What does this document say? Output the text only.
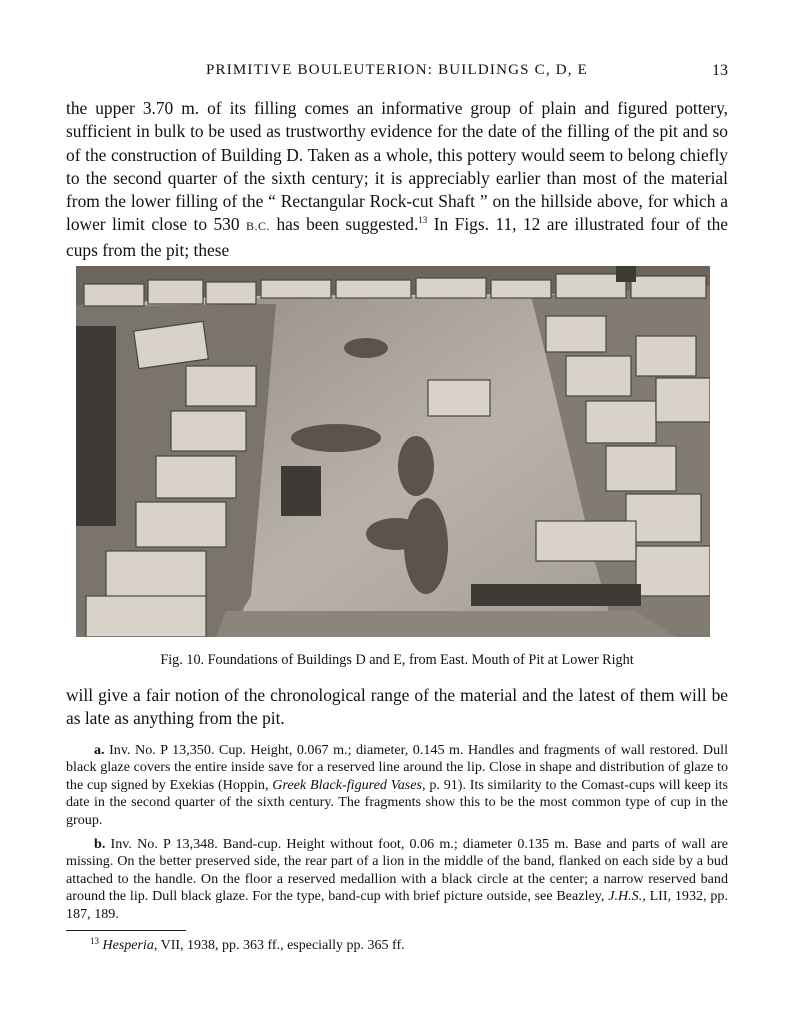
PRIMITIVE BOULEUTERION: BUILDINGS C, D, E	13

the upper 3.70 m. of its filling comes an informative group of plain and figured pottery, sufficient in bulk to be used as trustworthy evidence for the date of the filling of the pit and so of the construction of Building D. Taken as a whole, this pottery would seem to belong chiefly to the second quarter of the sixth century; it is appreciably earlier than most of the material from the lower filling of the “ Rectangular Rock-cut Shaft ” on the hillside above, for which a lower limit close to 530 B.C. has been suggested.$^{13}$ In Figs. 11, 12 are illustrated four of the cups from the pit; these

Fig. 10. Foundations of Buildings D and E, from East. Mouth of Pit at Lower Right

will give a fair notion of the chronological range of the material and the latest of them will be as late as anything from the pit.

a. Inv. No. P 13,350. Cup. Height, 0.067 m.; diameter, 0.145 m. Handles and fragments of wall restored. Dull black glaze covers the entire inside save for a reserved line around the lip. Close in shape and distribution of glaze to the cup signed by Exekias (Hoppin, Greek Black-figured Vases, p. 91). Its similarity to the Comast-cups will keep its date in the second quarter of the sixth century. The fragments show this to be the most common type of cup in the group.

b. Inv. No. P 13,348. Band-cup. Height without foot, 0.06 m.; diameter 0.135 m. Base and parts of wall are missing. On the better preserved side, the rear part of a lion in the middle of the band, flanked on each side by a bud attached to the handle. On the floor a reserved medallion with a black circle at the center; a narrow reserved band around the lip. Dull black glaze. For the type, band-cup with brief picture outside, see Beazley, J.H.S., LII, 1932, pp. 187, 189.

$^{13}$ Hesperia, VII, 1938, pp. 363 ff., especially pp. 365 ff.
